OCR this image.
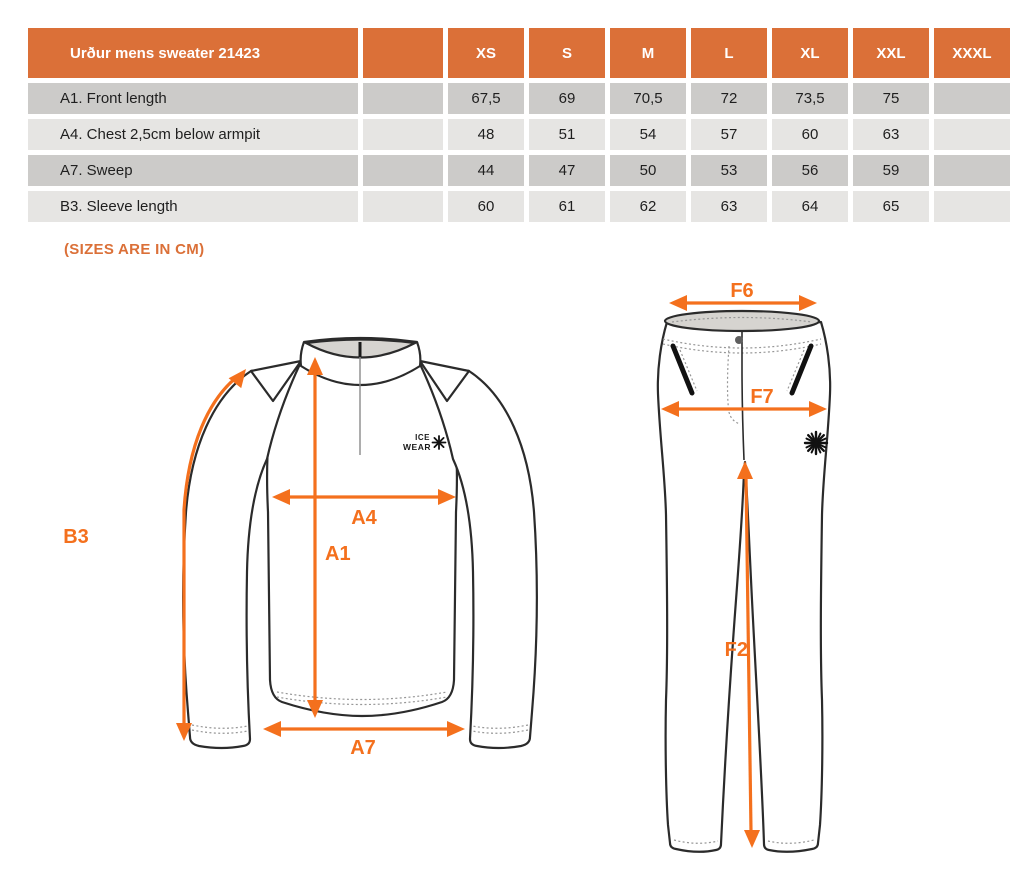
Urður mens sweater 21423		XS	S	M	L	XL	XXL	XXXL
A1. Front length		67,5	69	70,5	72	73,5	75	
A4. Chest 2,5cm below armpit		48	51	54	57	60	63	
A7. Sweep		44	47	50	53	56	59	
B3. Sleeve length		60	61	62	63	64	65	
(SIZES ARE IN CM)
ICE
WEAR
B3
A1
A4
A7
F6
F7
F2
